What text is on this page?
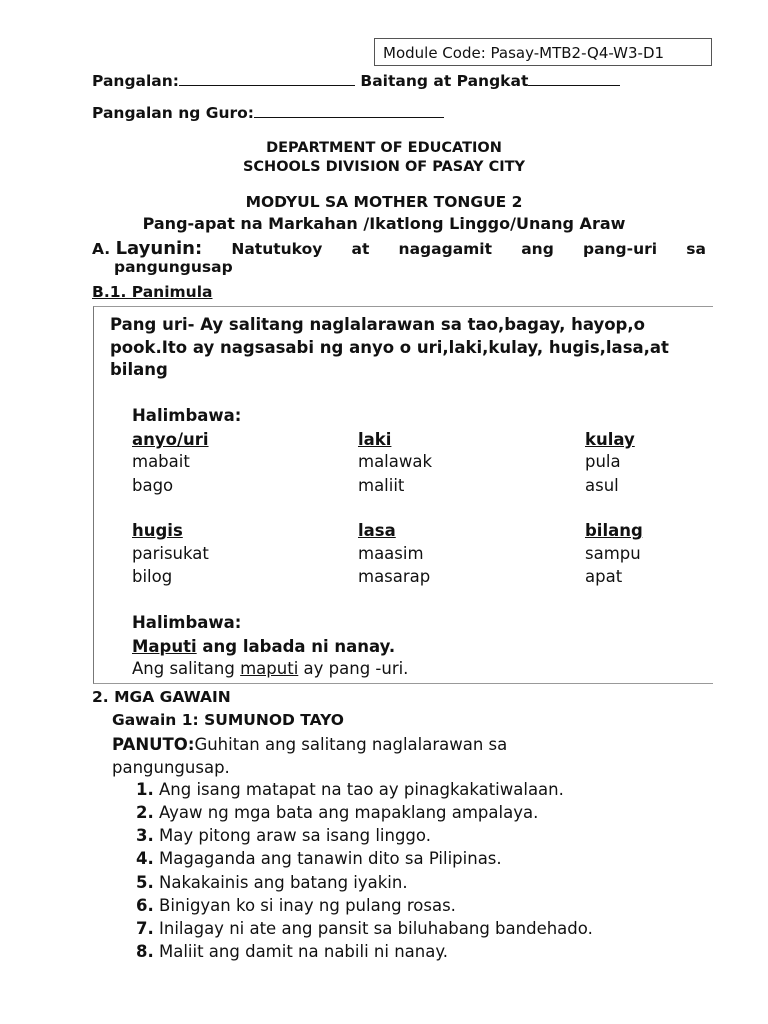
Module Code: Pasay-MTB2-Q4-W3-D1
Pangalan:	Baitang at Pangkat
Pangalan ng Guro:
DEPARTMENT OF EDUCATION
SCHOOLS DIVISION OF PASAY CITY
MODYUL SA MOTHER TONGUE 2
Pang-apat na Markahan /Ikatlong Linggo/Unang Araw
A. Layunin: Natutukoy at nagagamit ang pang-uri sa
pangungusap
B.1. Panimula
Pang uri- Ay salitang naglalarawan sa tao,bagay, hayop,o pook.Ito ay nagsasabi ng anyo o uri,laki,kulay, hugis,lasa,at bilang
Halimbawa:
anyo/uri	laki	kulay
mabait	malawak	pula
bago	maliit	asul
hugis	lasa	bilang
parisukat	maasim	sampu
bilog	masarap	apat
Halimbawa:
Maputi ang labada ni nanay.
Ang salitang maputi ay pang -uri.
2. MGA GAWAIN
Gawain 1: SUMUNOD TAYO
PANUTO:Guhitan ang salitang naglalarawan sa
pangungusap.
1. Ang isang matapat na tao ay pinagkakatiwalaan.
2. Ayaw ng mga bata ang mapaklang ampalaya.
3. May pitong araw sa isang linggo.
4. Magaganda ang tanawin dito sa Pilipinas.
5. Nakakainis ang batang iyakin.
6. Binigyan ko si inay ng pulang rosas.
7. Inilagay ni ate ang pansit sa biluhabang bandehado.
8. Maliit ang damit na nabili ni nanay.
